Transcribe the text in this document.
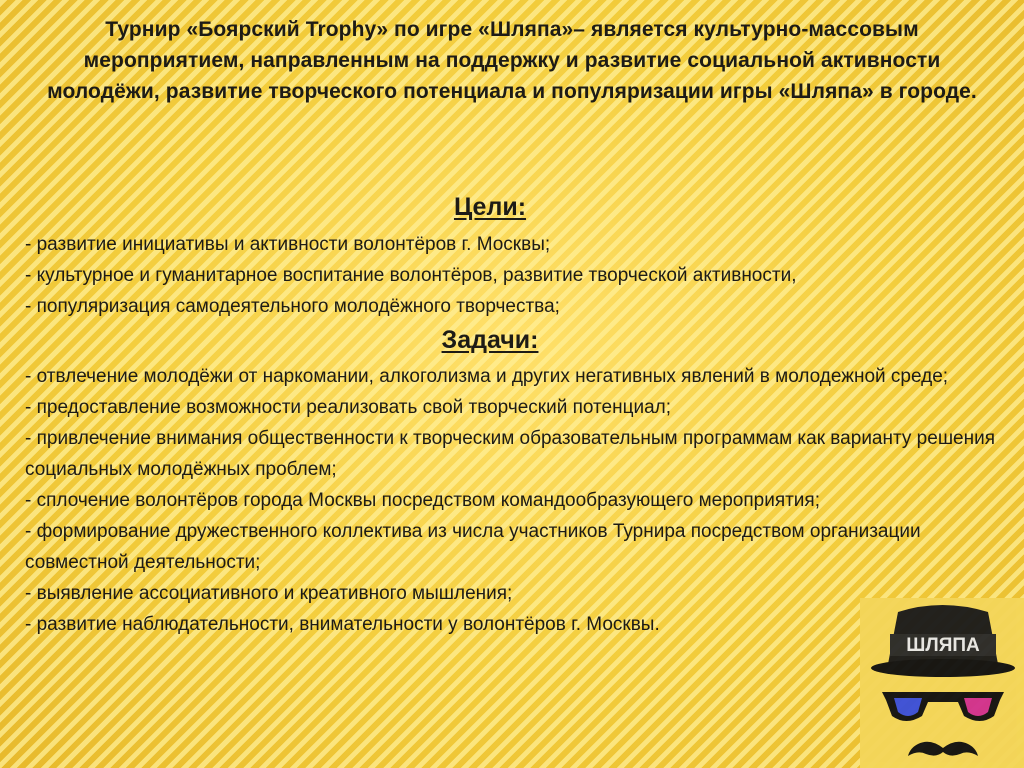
Турнир «Боярский Trophy» по игре «Шляпа»– является культурно-массовым мероприятием, направленным на поддержку и развитие социальной активности молодёжи, развитие творческого потенциала и популяризации игры «Шляпа» в городе.
Цели:
- развитие инициативы и активности волонтёров г. Москвы;
- культурное и гуманитарное воспитание волонтёров, развитие творческой активности,
- популяризация самодеятельного молодёжного творчества;
Задачи:
- отвлечение молодёжи от наркомании, алкоголизма и других негативных явлений в молодежной среде;
- предоставление возможности реализовать свой творческий потенциал;
- привлечение внимания общественности к творческим образовательным программам как варианту решения социальных молодёжных проблем;
- сплочение волонтёров города Москвы посредством командообразующего мероприятия;
- формирование дружественного коллектива из числа участников Турнира посредством организации совместной деятельности;
- выявление ассоциативного и креативного мышления;
- развитие наблюдательности, внимательности у волонтёров г. Москвы.
ШЛЯПА
